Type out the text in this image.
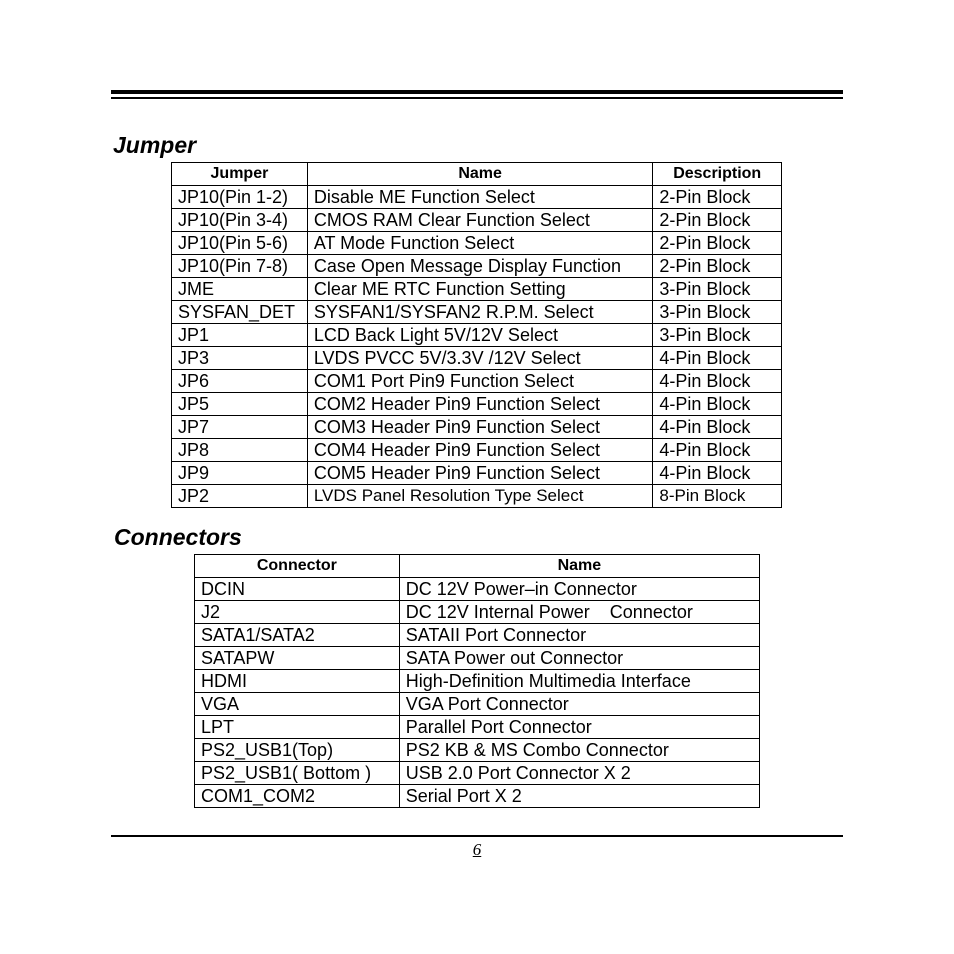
Jumper
Jumper	Name	Description
JP10(Pin 1-2)	Disable ME Function Select	2-Pin Block
JP10(Pin 3-4)	CMOS RAM Clear Function Select	2-Pin Block
JP10(Pin 5-6)	AT Mode Function Select	2-Pin Block
JP10(Pin 7-8)	Case Open Message Display Function	2-Pin Block
JME	Clear ME RTC Function Setting	3-Pin Block
SYSFAN_DET	SYSFAN1/SYSFAN2 R.P.M. Select	3-Pin Block
JP1	LCD Back Light 5V/12V Select	3-Pin Block
JP3	LVDS PVCC 5V/3.3V /12V Select	4-Pin Block
JP6	COM1 Port Pin9 Function Select	4-Pin Block
JP5	COM2 Header Pin9 Function Select	4-Pin Block
JP7	COM3 Header Pin9 Function Select	4-Pin Block
JP8	COM4 Header Pin9 Function Select	4-Pin Block
JP9	COM5 Header Pin9 Function Select	4-Pin Block
JP2	LVDS Panel Resolution Type Select	8-Pin Block
Connectors
Connector	Name
DCIN	DC 12V Power–in Connector
J2	DC 12V Internal Power    Connector
SATA1/SATA2	SATAII Port Connector
SATAPW	SATA Power out Connector
HDMI	High-Definition Multimedia Interface
VGA	VGA Port Connector
LPT	Parallel Port Connector
PS2_USB1(Top)	PS2 KB & MS Combo Connector
PS2_USB1( Bottom )	USB 2.0 Port Connector X 2
COM1_COM2	Serial Port X 2
6
